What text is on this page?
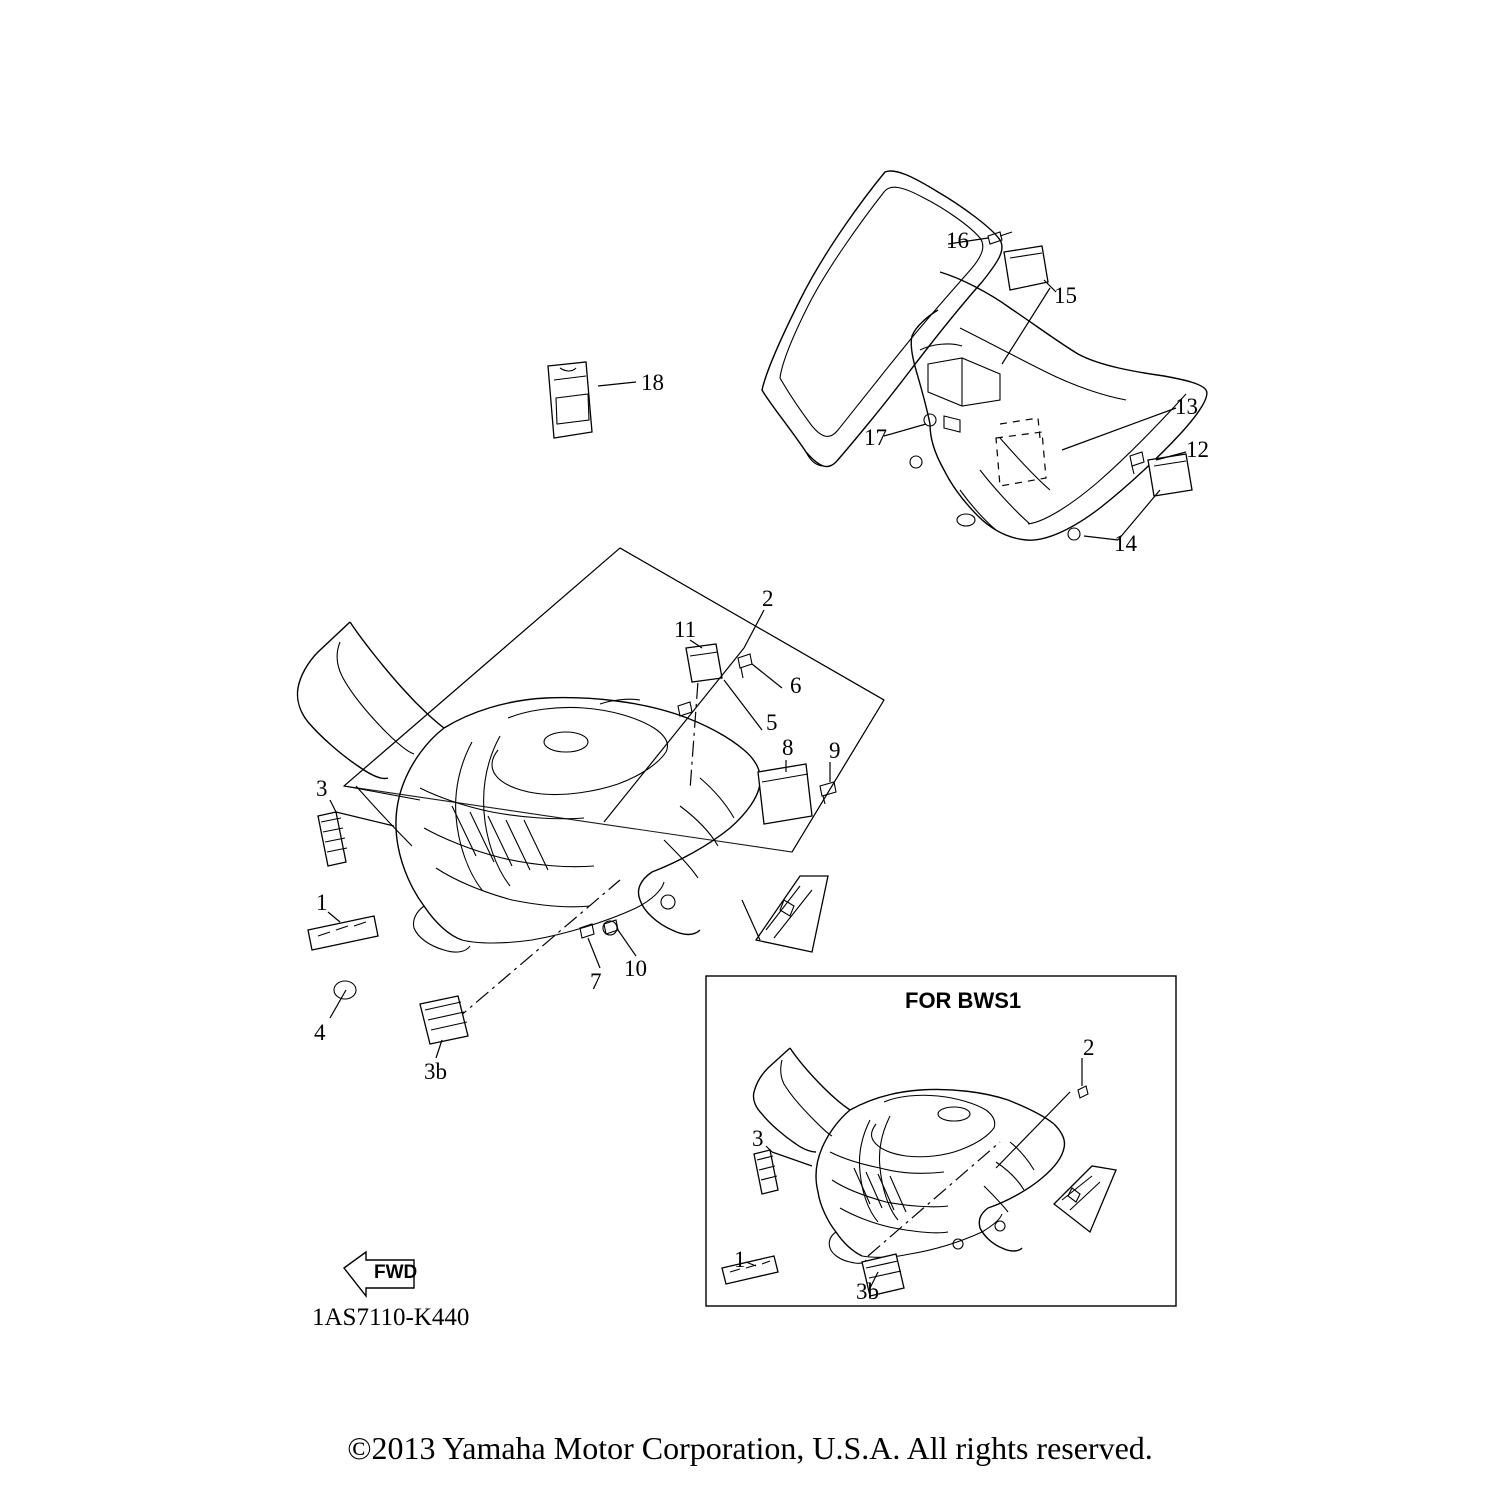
FOR BWS1
1
2
3
3b
4
5
6
7
8 9
10
11
12
13
14
15
16
17
18
1
2
3
3b
FWD
1AS7110-K440
©2013 Yamaha Motor Corporation, U.S.A. All rights reserved.
